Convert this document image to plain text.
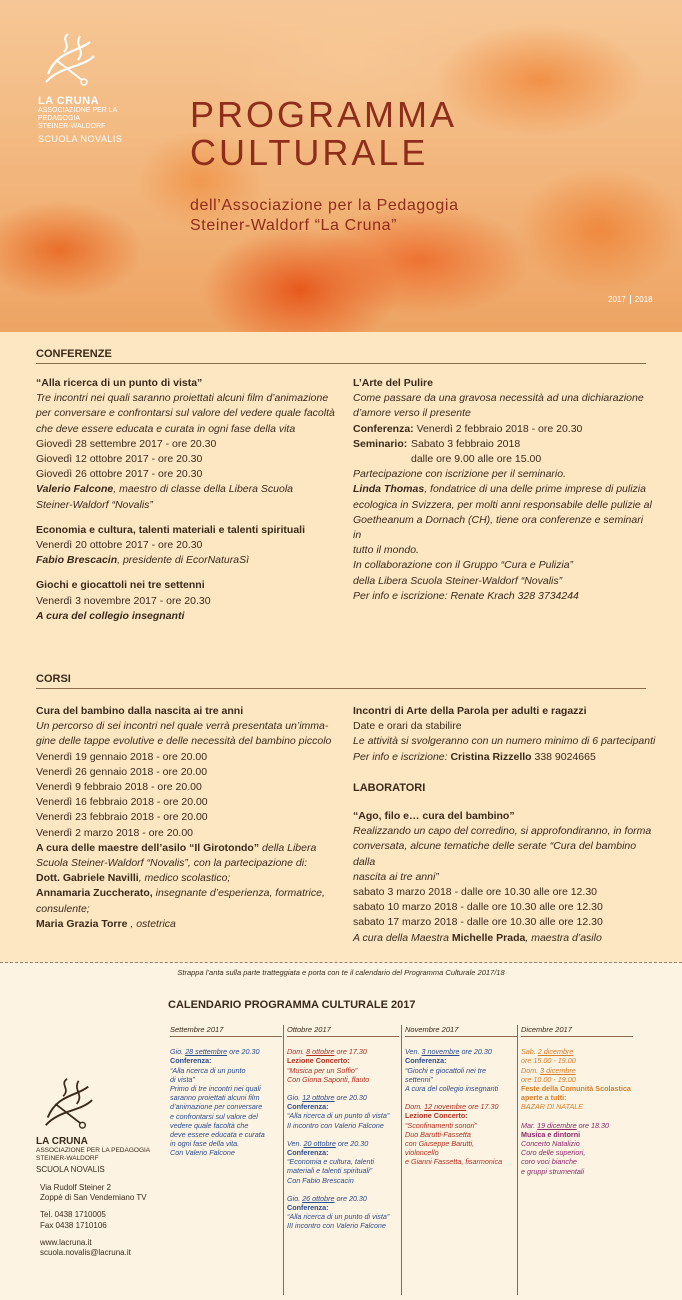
LA CRUNA
ASSOCIAZIONE PER LA PEDAGOGIA
STEINER-WALDORF
SCUOLA NOVALIS
PROGRAMMA
CULTURALE
dell’Associazione per la Pedagogia
Steiner-Waldorf “La Cruna”
2017 2018
CONFERENZE
“Alla ricerca di un punto di vista”
Tre incontri nei quali saranno proiettati alcuni film d’animazione
per conversare e confrontarsi sul valore del vedere quale facoltà
che deve essere educata e curata in ogni fase della vita
Giovedì 28 settembre 2017 - ore 20.30
Giovedì 12 ottobre 2017 - ore 20.30
Giovedì 26 ottobre 2017 - ore 20.30
Valerio Falcone, maestro di classe della Libera Scuola
Steiner-Waldorf “Novalis”
Economia e cultura, talenti materiali e talenti spirituali
Venerdì 20 ottobre 2017 - ore 20.30
Fabio Brescacin, presidente di EcorNaturaSì
Giochi e giocattoli nei tre settenni
Venerdì 3 novembre 2017 - ore 20.30
A cura del collegio insegnanti
L’Arte del Pulire
Come passare da una gravosa necessità ad una dichiarazione
d’amore verso il presente
Conferenza: Venerdì 2 febbraio 2018 - ore 20.30
Seminario: Sabato 3 febbraio 2018
dalle ore 9.00 alle ore 15.00
Partecipazione con iscrizione per il seminario.
Linda Thomas, fondatrice di una delle prime imprese di pulizia
ecologica in Svizzera, per molti anni responsabile delle pulizie al
Goetheanum a Dornach (CH), tiene ora conferenze e seminari in
tutto il mondo.
In collaborazione con il Gruppo “Cura e Pulizia”
della Libera Scuola Steiner-Waldorf “Novalis”
Per info e iscrizione: Renate Krach 328 3734244
CORSI
Cura del bambino dalla nascita ai tre anni
Un percorso di sei incontri nel quale verrà presentata un’imma-
gine delle tappe evolutive e delle necessità del bambino piccolo
Venerdì 19 gennaio 2018 - ore 20.00
Venerdì 26 gennaio 2018 - ore 20.00
Venerdì 9 febbraio 2018 - ore 20.00
Venerdì 16 febbraio 2018 - ore 20.00
Venerdì 23 febbraio 2018 - ore 20.00
Venerdì 2 marzo 2018 - ore 20.00
A cura delle maestre dell’asilo “Il Girotondo” della Libera
Scuola Steiner-Waldorf “Novalis”, con la partecipazione di:
Dott. Gabriele Navilli, medico scolastico;
Annamaria Zuccherato, insegnante d’esperienza, formatrice,
consulente;
Maria Grazia Torre , ostetrica
Incontri di Arte della Parola per adulti e ragazzi
Date e orari da stabilire
Le attività si svolgeranno con un numero minimo di 6 partecipanti
Per info e iscrizione: Cristina Rizzello 338 9024665
LABORATORI
“Ago, filo e… cura del bambino”
Realizzando un capo del corredino, si approfondiranno, in forma
conversata, alcune tematiche delle serate “Cura del bambino dalla
nascita ai tre anni”
sabato 3 marzo 2018 - dalle ore 10.30 alle ore 12.30
sabato 10 marzo 2018 - dalle ore 10.30 alle ore 12.30
sabato 17 marzo 2018 - dalle ore 10.30 alle ore 12.30
A cura della Maestra Michelle Prada, maestra d’asilo
Strappa l’anta sulla parte tratteggiata e porta con te il calendario del Programma Culturale 2017/18
CALENDARIO PROGRAMMA CULTURALE 2017
LA CRUNA
ASSOCIAZIONE PER LA PEDAGOGIA
STEINER-WALDORF
SCUOLA NOVALIS
Via Rudolf Steiner 2
Zoppè di San Vendemiano TV
Tel. 0438 1710005
Fax 0438 1710106
www.lacruna.it
scuola.novalis@lacruna.it
Settembre 2017
Gio. 28 settembre ore 20.30
Conferenza:
“Alla ricerca di un punto
di vista”
Primo di tre incontri nei quali
saranno proiettati alcuni film
d’animazione per conversare
e confrontarsi sul valore del
vedere quale facoltà che
deve essere educata e curata
in ogni fase della vita.
Con Valerio Falcone
Ottobre 2017
Dom. 8 ottobre ore 17.30
Lezione Concerto:
“Musica per un Soffio”
Con Giona Saporiti, flauto
Gio. 12 ottobre ore 20.30
Conferenza:
“Alla ricerca di un punto di vista”
II incontro con Valerio Falcone
Ven. 20 ottobre ore 20.30
Conferenza:
“Economia e cultura, talenti
materiali e talenti spirituali”
Con Fabio Brescacin
Gio. 26 ottobre ore 20.30
Conferenza:
“Alla ricerca di un punto di vista”
III incontro con Valerio Falcone
Novembre 2017
Ven. 3 novembre ore 20.30
Conferenza:
“Giochi e giocattoli nei tre
settenni”
A cura del collegio insegnanti
Dom. 12 novembre ore 17.30
Lezione Concerto:
“Sconfinamenti sonori”
Duo Barutti-Fassetta
con Giuseppe Barutti,
violoncello
e Gianni Fassetta, fisarmonica
Dicembre 2017
Sab. 2 dicembre
ore 15.00 - 19.00
Dom. 3 dicembre
ore 10.00 - 19.00
Feste della Comunità Scolastica
aperte a tutti:
BAZAR DI NATALE
Mar. 19 dicembre ore 18.30
Musica e dintorni
Concerto Natalizio
Coro delle superiori,
coro voci bianche
e gruppi strumentali
